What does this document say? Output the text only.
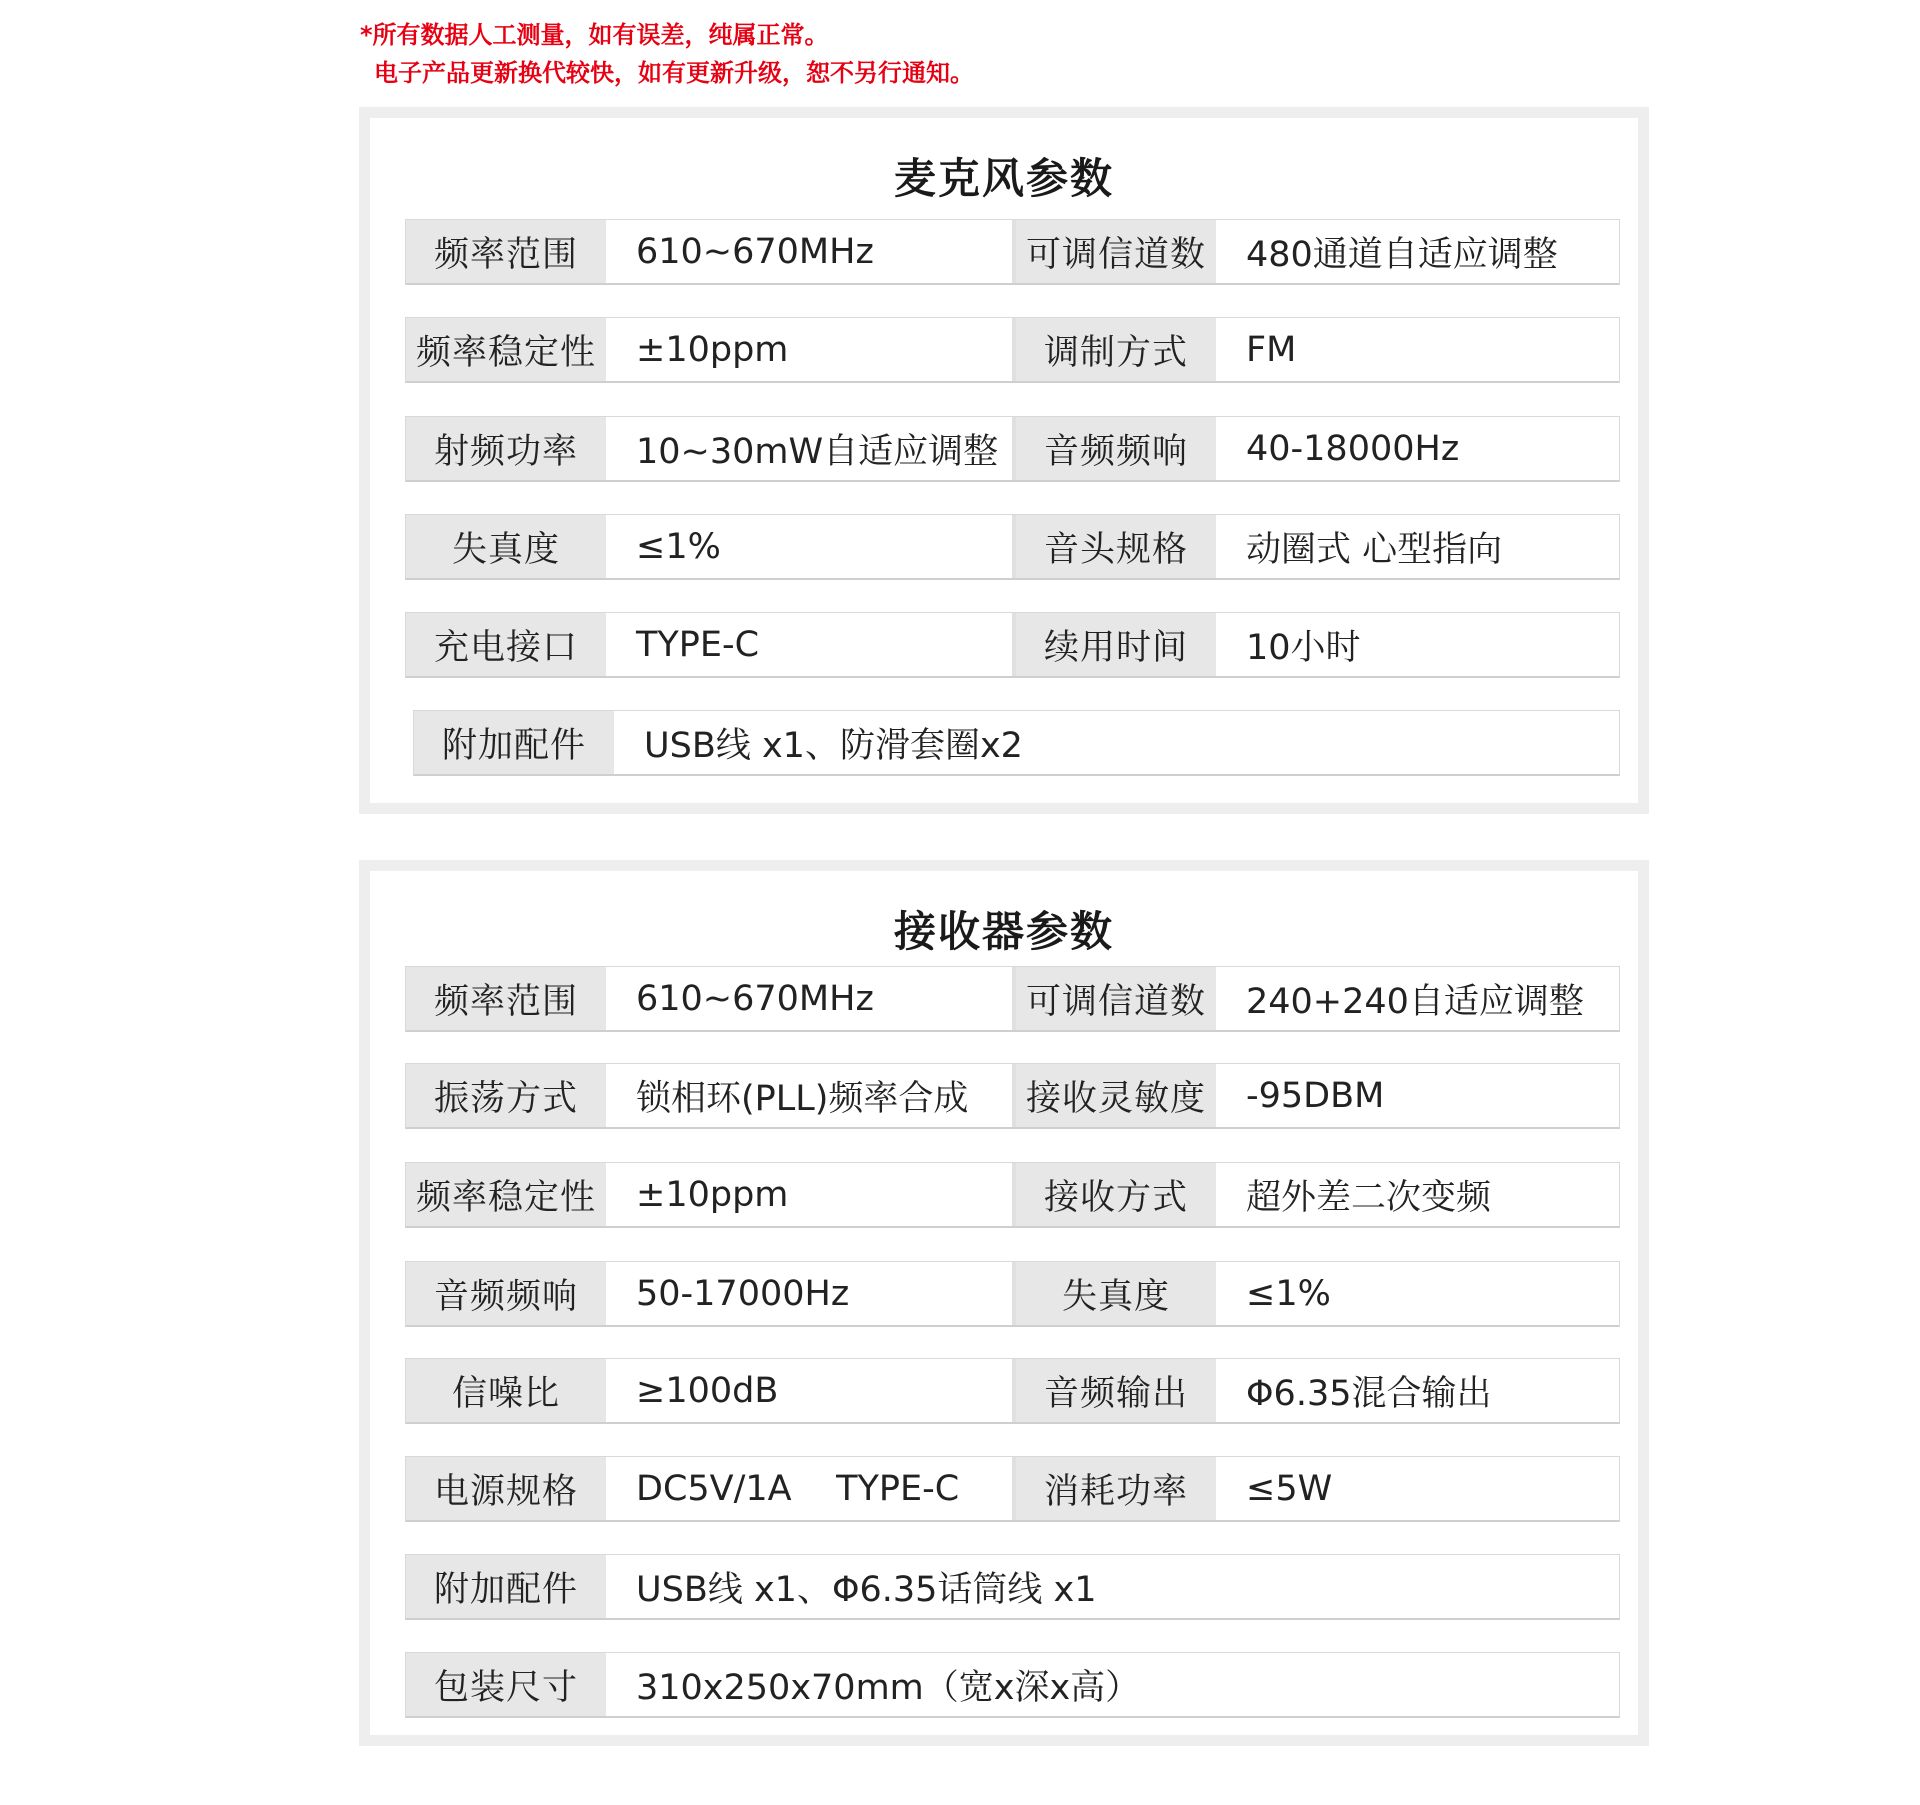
*所有数据人工测量，如有误差，纯属正常。
电子产品更新换代较快，如有更新升级，恕不另行通知。
麦克风参数
频率范围	610~670MHz	可调信道数	480通道自适应调整
频率稳定性	±10ppm	调制方式	FM
射频功率	10~30mW自适应调整	音频频响	40-18000Hz
失真度	≤1%	音头规格	动圈式 心型指向
充电接口	TYPE-C	续用时间	10小时
附加配件	USB线 x1、防滑套圈x2
接收器参数
频率范围	610~670MHz	可调信道数	240+240自适应调整
振荡方式	锁相环(PLL)频率合成	接收灵敏度	-95DBM
频率稳定性	±10ppm	接收方式	超外差二次变频
音频频响	50-17000Hz	失真度	≤1%
信噪比	≥100dB	音频输出	Φ6.35混合输出
电源规格	DC5V/1A    TYPE-C	消耗功率	≤5W
附加配件	USB线 x1、Φ6.35话筒线 x1
包装尺寸	310x250x70mm（宽x深x高）
